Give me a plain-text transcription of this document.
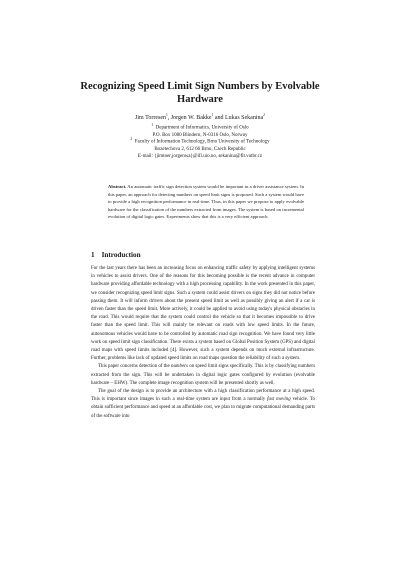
Recognizing Speed Limit Sign Numbers by Evolvable
Hardware
Jim Torresen$^1$, Jorgen W. Bakke$^1$ and Lukas Sekanina$^2$
$^1$  Department of Informatics, University of Oslo
P.O. Box 1080 Blindern, N-0316 Oslo, Norway
$^2$  Faculty of Information Technology, Brno University of Technology
Bozetechova 2, 612 66 Brno, Czech Republic
E-mail: {jimtoer,jorgenwa}@ifi.uio.no, sekanina@fit.vutbr.cz
Abstract. An automatic traffic sign detection system would be important in a driver assistance system. In this paper, an approach for detecting numbers on speed limit signs is proposed. Such a system would have to provide a high recognition performance in real-time. Thus, in this paper we propose to apply evolvable hardware for the classification of the numbers extracted from images. The system is based on incremental evolution of digital logic gates. Experiments show that this is a very efficient approach.
1 Introduction

For the last years there has been an increasing focus on enhancing traffic safety by applying intelligent systems in vehicles to assist drivers. One of the reasons for this becoming possible is the recent advance in computer hardware providing affordable technology with a high processing capability. In the work presented in this paper, we consider recognizing speed limit signs. Such a system could assist drivers on signs they did not notice before passing them. It will inform drivers about the present speed limit as well as possibly giving an alert if a car is driven faster than the speed limit. More actively, it could be applied to avoid using today's physical obstacles in the road. This would require that the system could control the vehicle so that it becomes impossible to drive faster than the speed limit. This will mainly be relevant on roads with low speed limits. In the future, autonomous vehicles would have to be controlled by automatic road sign recognition. We have found very little work on speed limit sign classification. There exists a system based on Global Position System (GPS) and digital road maps with speed limits included [4]. However, such a system depends on much external infrastructure. Further, problems like lack of updated speed limits on road maps question the reliability of such a system.

This paper concerns detection of the numbers on speed limit signs specifically. This is by classifying numbers extracted from the sign. This will be undertaken in digital logic gates configured by evolution (evolvable hardware – EHW). The complete image recognition system will be presented shortly as well.

The goal of the design is to provide an architecture with a high classification performance at a high speed. This is important since images in such a real-time system are input from a normally fast moving vehicle. To obtain sufficient performance and speed at an affordable cost, we plan to migrate computational demanding parts of the software into
